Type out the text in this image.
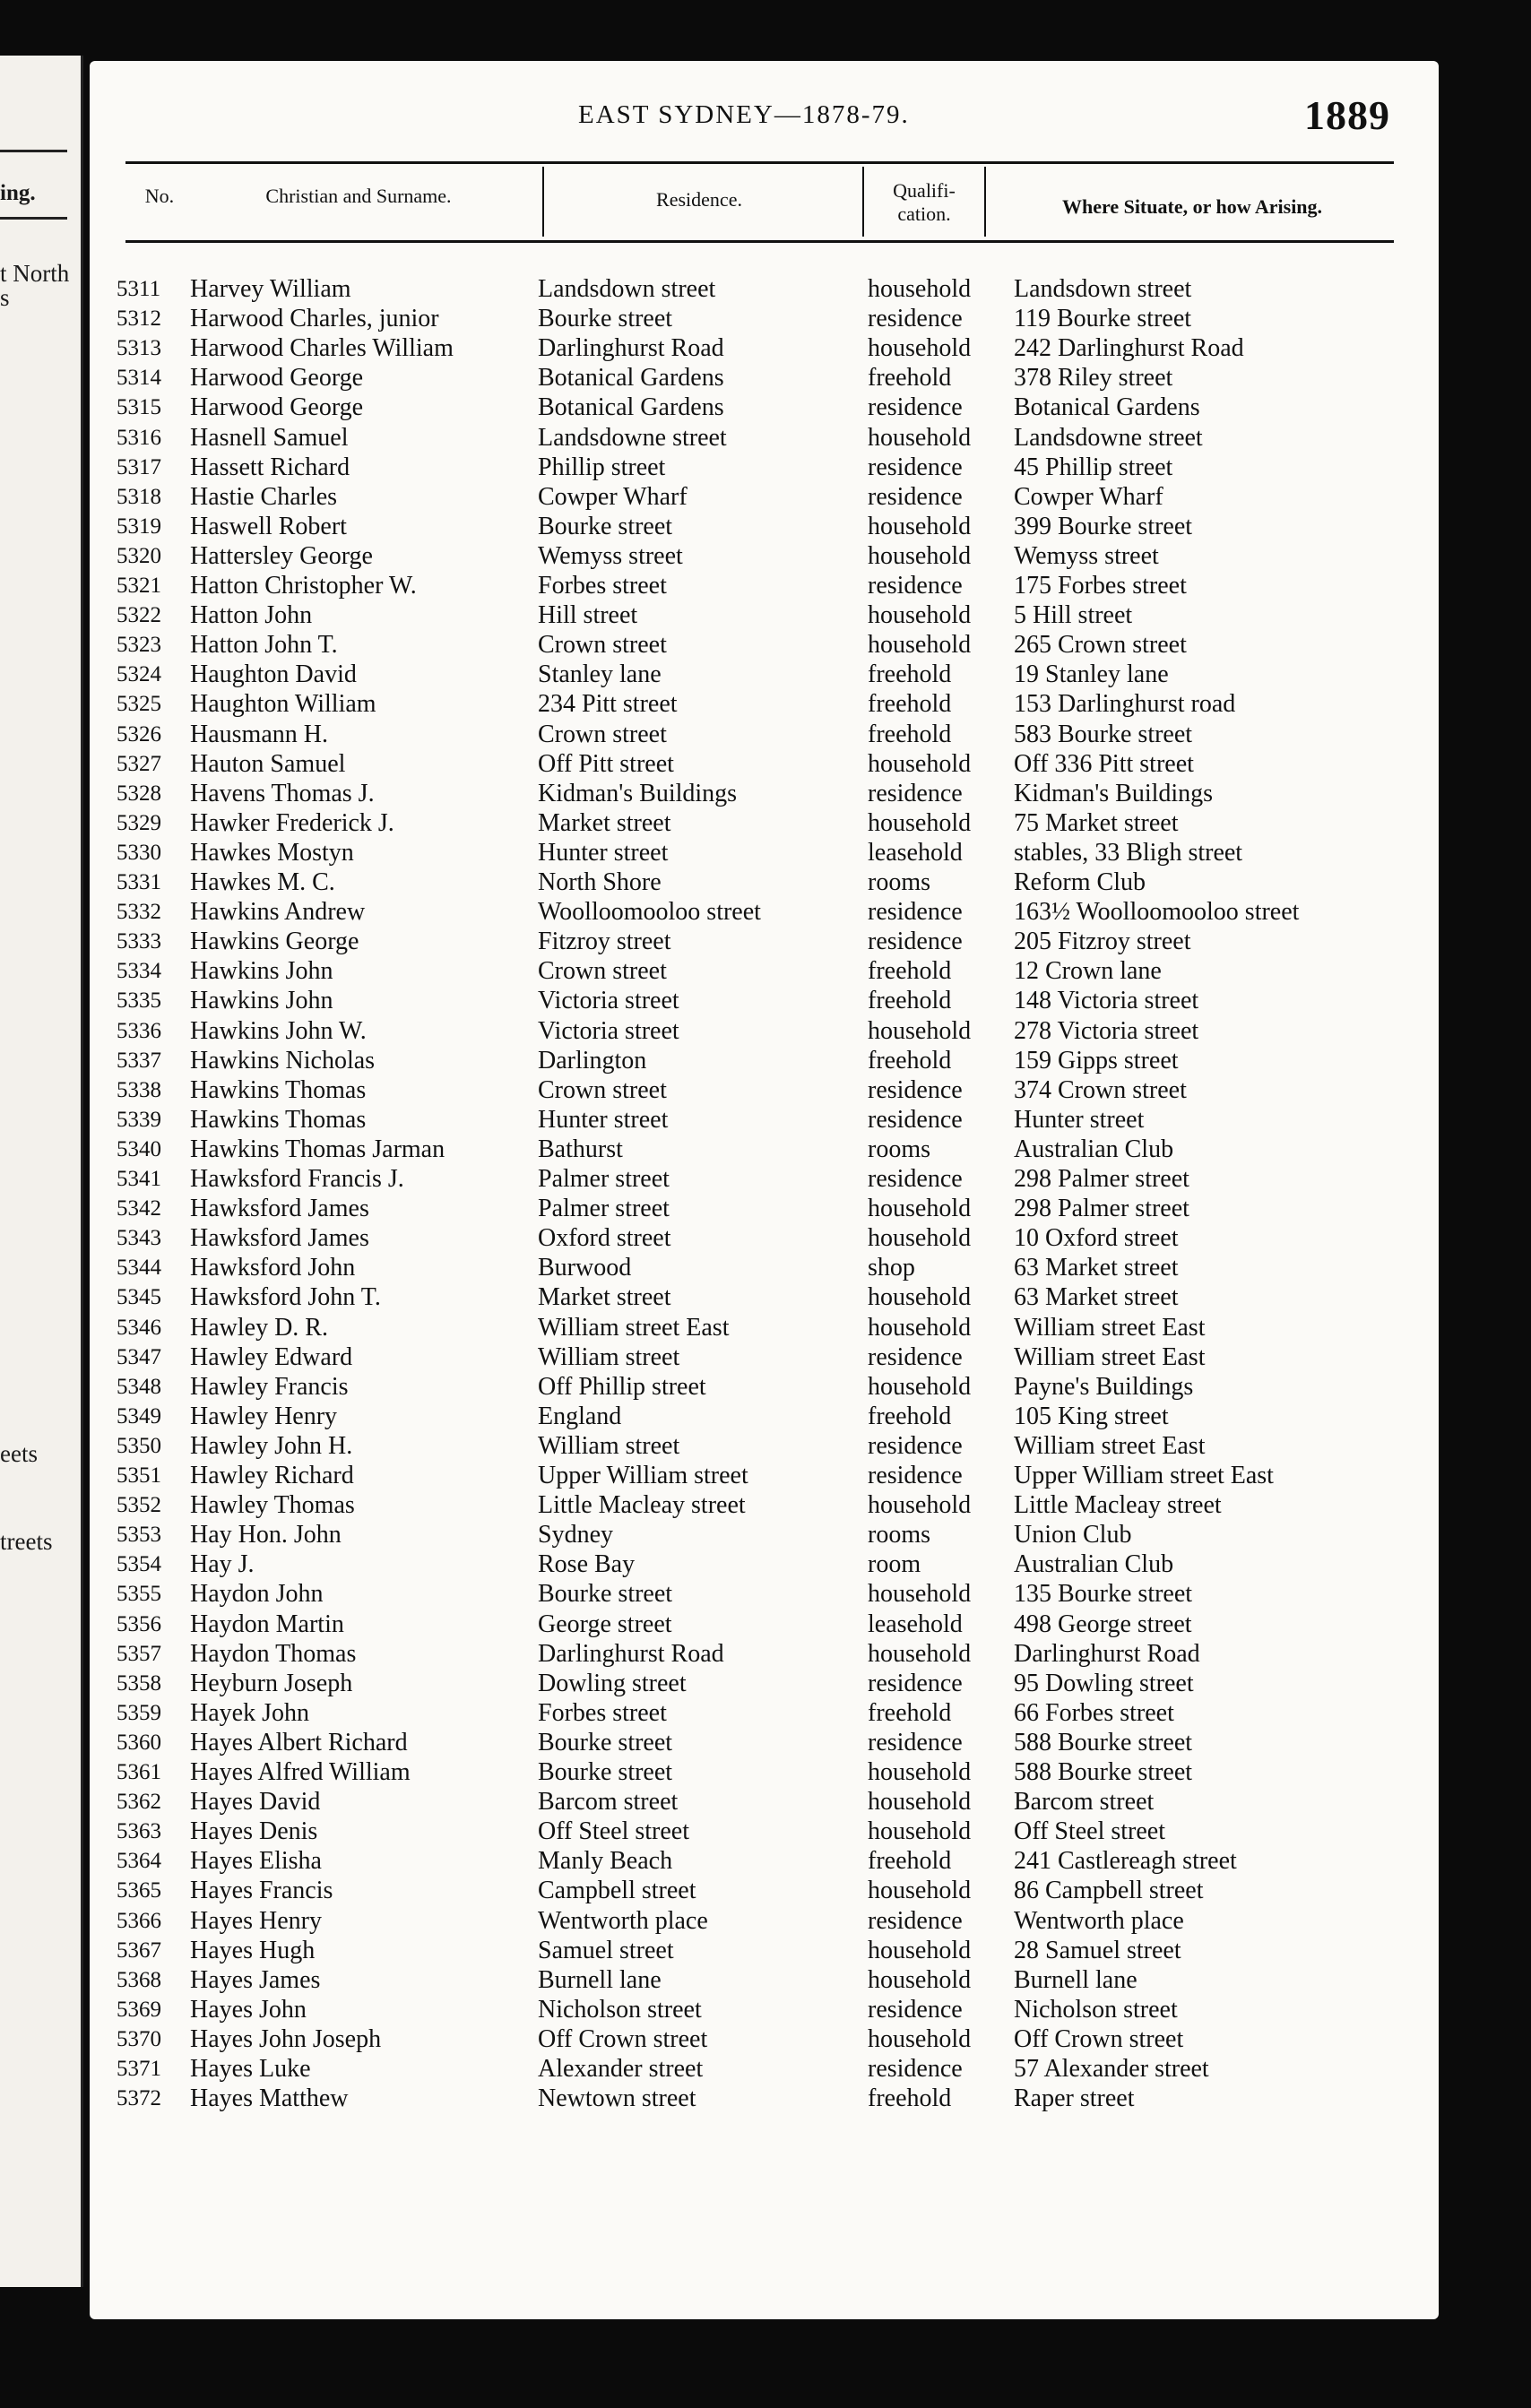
ing.
t North
s
eets
treets
EAST SYDNEY—1878-79.	1889
No.	Christian and Surname.	Residence.	Qualifi-
cation.	Where Situate, or how Arising.
5311 Harvey William	Landsdown street	household Landsdown street
5312 Harwood Charles, junior	Bourke street	residence 119 Bourke street
5313 Harwood Charles William	Darlinghurst Road	household 242 Darlinghurst Road
5314 Harwood George	Botanical Gardens	freehold 378 Riley street
5315 Harwood George	Botanical Gardens	residence Botanical Gardens
5316 Hasnell Samuel	Landsdowne street	household Landsdowne street
5317 Hassett Richard	Phillip street	residence 45 Phillip street
5318 Hastie Charles	Cowper Wharf	residence Cowper Wharf
5319 Haswell Robert	Bourke street	household 399 Bourke street
5320 Hattersley George	Wemyss street	household Wemyss street
5321 Hatton Christopher W.	Forbes street	residence 175 Forbes street
5322 Hatton John	Hill street	household 5 Hill street
5323 Hatton John T.	Crown street	household 265 Crown street
5324 Haughton David	Stanley lane	freehold 19 Stanley lane
5325 Haughton William	234 Pitt street	freehold 153 Darlinghurst road
5326 Hausmann H.	Crown street	freehold 583 Bourke street
5327 Hauton Samuel	Off Pitt street	household Off 336 Pitt street
5328 Havens Thomas J.	Kidman's Buildings	residence Kidman's Buildings
5329 Hawker Frederick J.	Market street	household 75 Market street
5330 Hawkes Mostyn	Hunter street	leasehold stables, 33 Bligh street
5331 Hawkes M. C.	North Shore	rooms	Reform Club
5332 Hawkins Andrew	Woolloomooloo street	residence 163½ Woolloomooloo street
5333 Hawkins George	Fitzroy street	residence 205 Fitzroy street
5334 Hawkins John	Crown street	freehold 12 Crown lane
5335 Hawkins John	Victoria street	freehold 148 Victoria street
5336 Hawkins John W.	Victoria street	household 278 Victoria street
5337 Hawkins Nicholas	Darlington	freehold 159 Gipps street
5338 Hawkins Thomas	Crown street	residence 374 Crown street
5339 Hawkins Thomas	Hunter street	residence Hunter street
5340 Hawkins Thomas Jarman	Bathurst	rooms	Australian Club
5341 Hawksford Francis J.	Palmer street	residence 298 Palmer street
5342 Hawksford James	Palmer street	household 298 Palmer street
5343 Hawksford James	Oxford street	household 10 Oxford street
5344 Hawksford John	Burwood	shop	63 Market street
5345 Hawksford John T.	Market street	household 63 Market street
5346 Hawley D. R.	William street East	household William street East
5347 Hawley Edward	William street	residence William street East
5348 Hawley Francis	Off Phillip street	household Payne's Buildings
5349 Hawley Henry	England	freehold 105 King street
5350 Hawley John H.	William street	residence William street East
5351 Hawley Richard	Upper William street	residence Upper William street East
5352 Hawley Thomas	Little Macleay street	household Little Macleay street
5353 Hay Hon. John	Sydney	rooms	Union Club
5354 Hay J.	Rose Bay	room	Australian Club
5355 Haydon John	Bourke street	household 135 Bourke street
5356 Haydon Martin	George street	leasehold 498 George street
5357 Haydon Thomas	Darlinghurst Road	household Darlinghurst Road
5358 Heyburn Joseph	Dowling street	residence 95 Dowling street
5359 Hayek John	Forbes street	freehold 66 Forbes street
5360 Hayes Albert Richard	Bourke street	residence 588 Bourke street
5361 Hayes Alfred William	Bourke street	household 588 Bourke street
5362 Hayes David	Barcom street	household Barcom street
5363 Hayes Denis	Off Steel street	household Off Steel street
5364 Hayes Elisha	Manly Beach	freehold 241 Castlereagh street
5365 Hayes Francis	Campbell street	household 86 Campbell street
5366 Hayes Henry	Wentworth place	residence Wentworth place
5367 Hayes Hugh	Samuel street	household 28 Samuel street
5368 Hayes James	Burnell lane	household Burnell lane
5369 Hayes John	Nicholson street	residence Nicholson street
5370 Hayes John Joseph	Off Crown street	household Off Crown street
5371 Hayes Luke	Alexander street	residence 57 Alexander street
5372 Hayes Matthew	Newtown street	freehold Raper street
